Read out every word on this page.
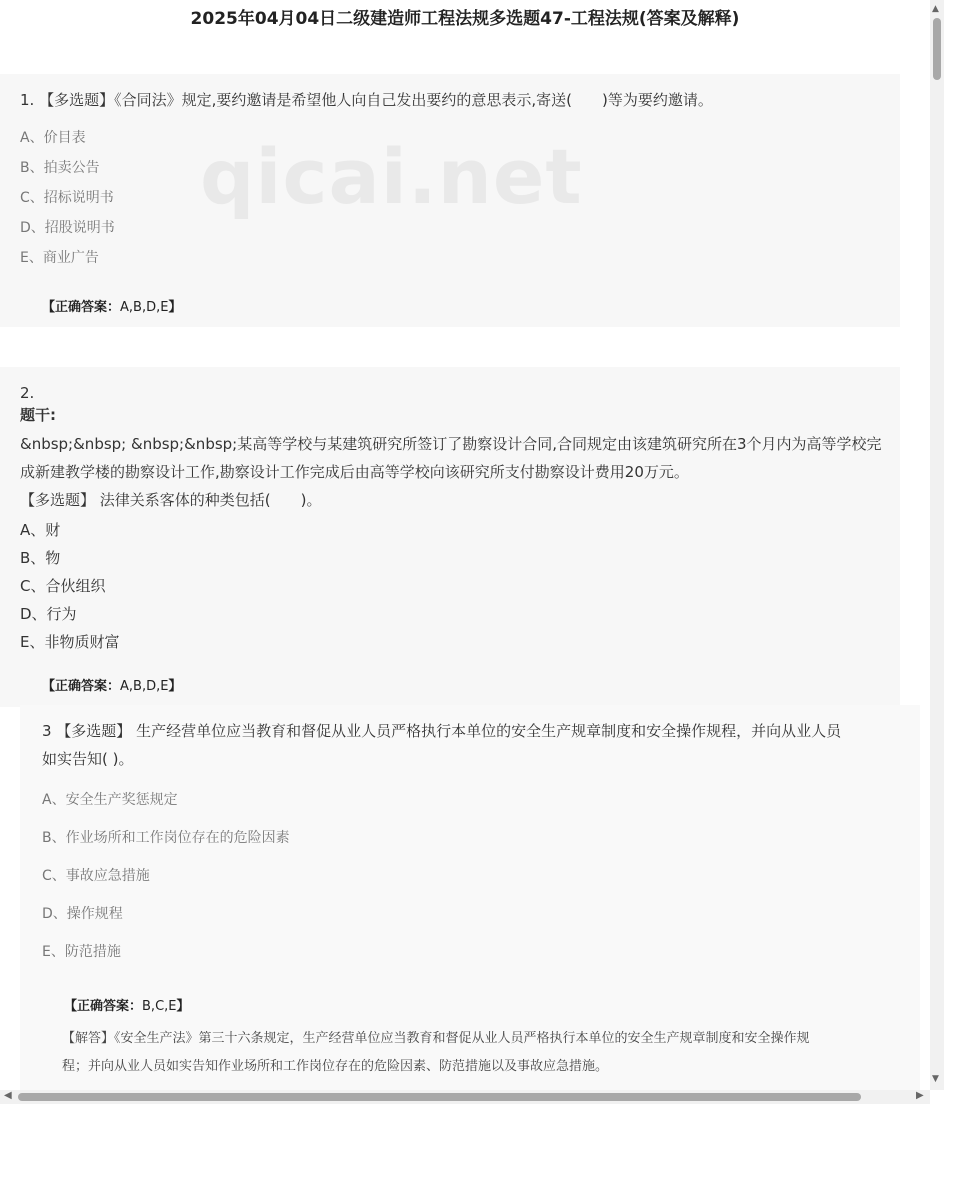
2025年04月04日二级建造师工程法规多选题47-工程法规(答案及解释)
1. 【多选题】《合同法》规定,要约邀请是希望他人向自己发出要约的意思表示,寄送(　　)等为要约邀请。
A、价目表
B、拍卖公告
C、招标说明书
D、招股说明书
E、商业广告
【正确答案：A,B,D,E】
qicai.net
2.
题干:
&nbsp;&nbsp; &nbsp;&nbsp;某高等学校与某建筑研究所签订了勘察设计合同,合同规定由该建筑研究所在3个月内为高等学校完
成新建教学楼的勘察设计工作,勘察设计工作完成后由高等学校向该研究所支付勘察设计费用20万元。
【多选题】 法律关系客体的种类包括(　　)。
A、财
B、物
C、合伙组织
D、行为
E、非物质财富
【正确答案：A,B,D,E】
3 【多选题】 生产经营单位应当教育和督促从业人员严格执行本单位的安全生产规章制度和安全操作规程，并向从业人员
如实告知( )。
A、安全生产奖惩规定
B、作业场所和工作岗位存在的危险因素
C、事故应急措施
D、操作规程
E、防范措施
【正确答案：B,C,E】
【解答】《安全生产法》第三十六条规定，生产经营单位应当教育和督促从业人员严格执行本单位的安全生产规章制度和安全操作规
程；并向从业人员如实告知作业场所和工作岗位存在的危险因素、防范措施以及事故应急措施。
▲
▼
◀	▶
